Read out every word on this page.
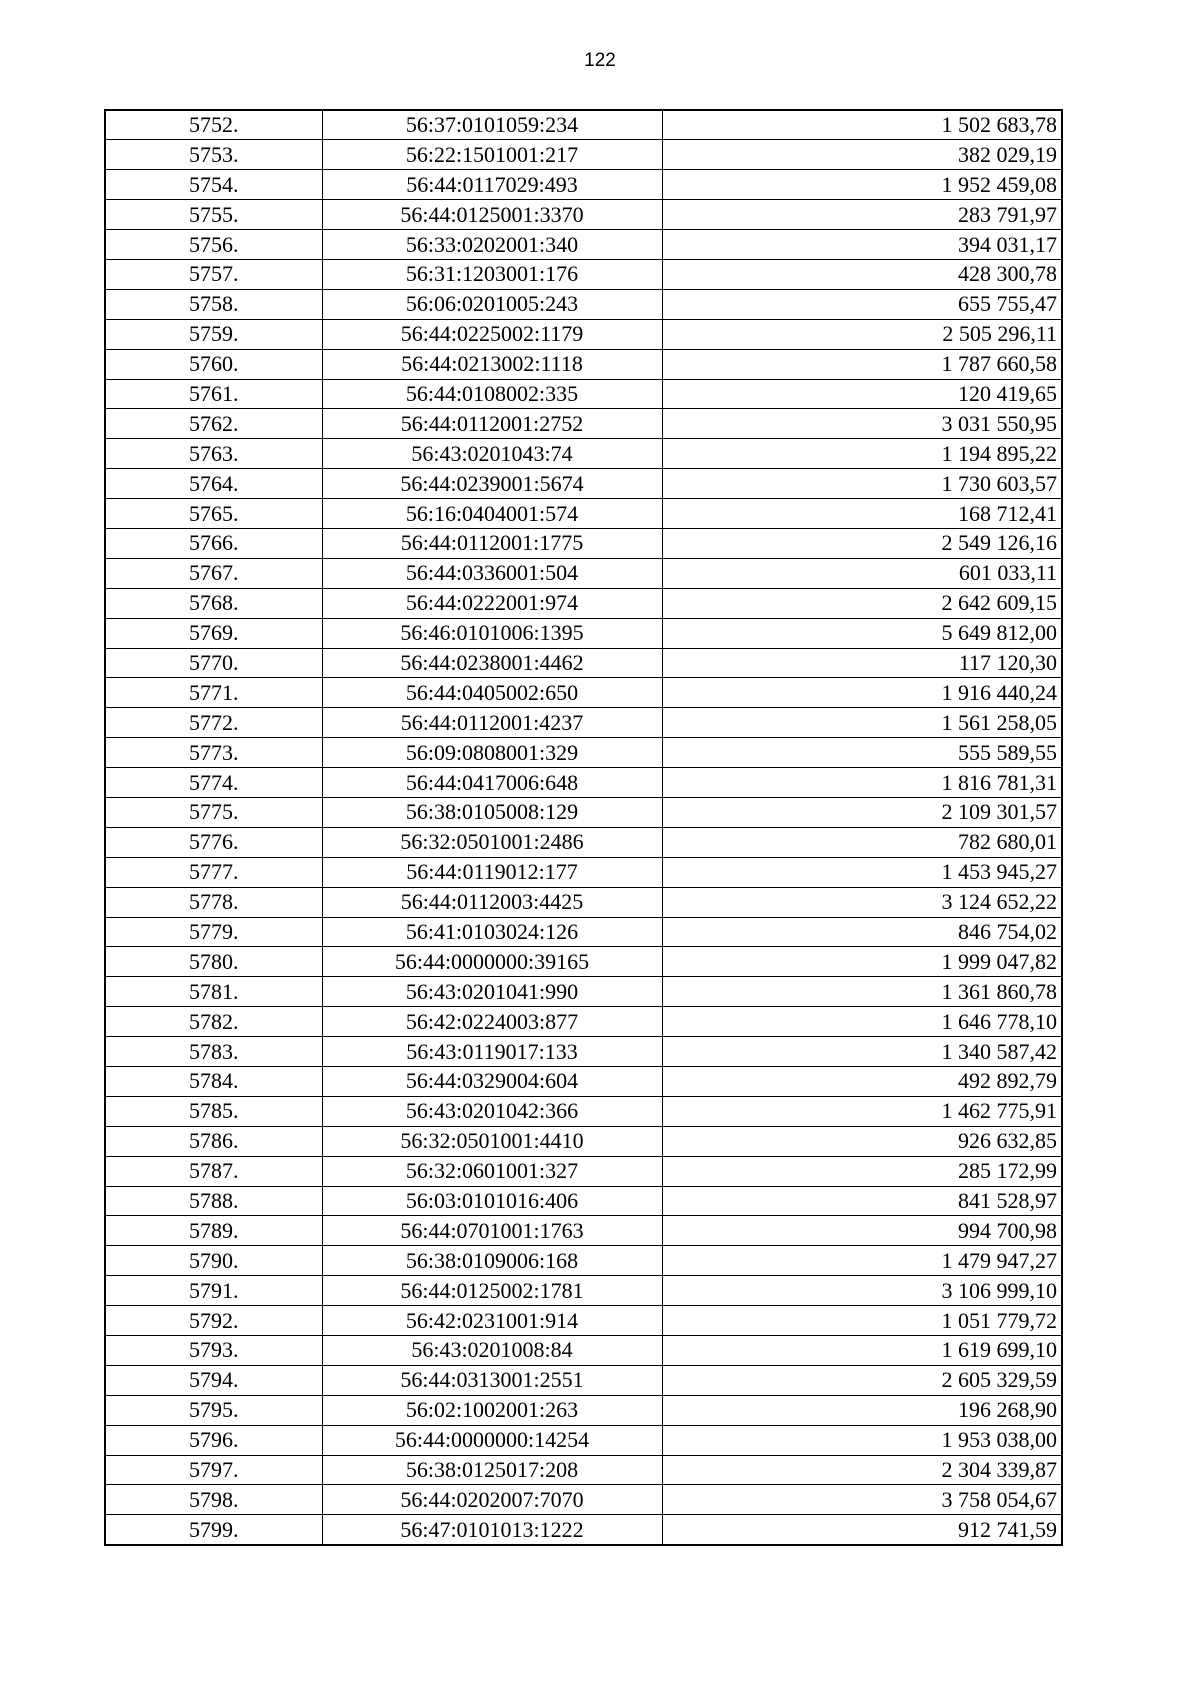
122
5752.	56:37:0101059:234	1 502 683,78
5753.	56:22:1501001:217	382 029,19
5754.	56:44:0117029:493	1 952 459,08
5755.	56:44:0125001:3370	283 791,97
5756.	56:33:0202001:340	394 031,17
5757.	56:31:1203001:176	428 300,78
5758.	56:06:0201005:243	655 755,47
5759.	56:44:0225002:1179	2 505 296,11
5760.	56:44:0213002:1118	1 787 660,58
5761.	56:44:0108002:335	120 419,65
5762.	56:44:0112001:2752	3 031 550,95
5763.	56:43:0201043:74	1 194 895,22
5764.	56:44:0239001:5674	1 730 603,57
5765.	56:16:0404001:574	168 712,41
5766.	56:44:0112001:1775	2 549 126,16
5767.	56:44:0336001:504	601 033,11
5768.	56:44:0222001:974	2 642 609,15
5769.	56:46:0101006:1395	5 649 812,00
5770.	56:44:0238001:4462	117 120,30
5771.	56:44:0405002:650	1 916 440,24
5772.	56:44:0112001:4237	1 561 258,05
5773.	56:09:0808001:329	555 589,55
5774.	56:44:0417006:648	1 816 781,31
5775.	56:38:0105008:129	2 109 301,57
5776.	56:32:0501001:2486	782 680,01
5777.	56:44:0119012:177	1 453 945,27
5778.	56:44:0112003:4425	3 124 652,22
5779.	56:41:0103024:126	846 754,02
5780.	56:44:0000000:39165	1 999 047,82
5781.	56:43:0201041:990	1 361 860,78
5782.	56:42:0224003:877	1 646 778,10
5783.	56:43:0119017:133	1 340 587,42
5784.	56:44:0329004:604	492 892,79
5785.	56:43:0201042:366	1 462 775,91
5786.	56:32:0501001:4410	926 632,85
5787.	56:32:0601001:327	285 172,99
5788.	56:03:0101016:406	841 528,97
5789.	56:44:0701001:1763	994 700,98
5790.	56:38:0109006:168	1 479 947,27
5791.	56:44:0125002:1781	3 106 999,10
5792.	56:42:0231001:914	1 051 779,72
5793.	56:43:0201008:84	1 619 699,10
5794.	56:44:0313001:2551	2 605 329,59
5795.	56:02:1002001:263	196 268,90
5796.	56:44:0000000:14254	1 953 038,00
5797.	56:38:0125017:208	2 304 339,87
5798.	56:44:0202007:7070	3 758 054,67
5799.	56:47:0101013:1222	912 741,59
